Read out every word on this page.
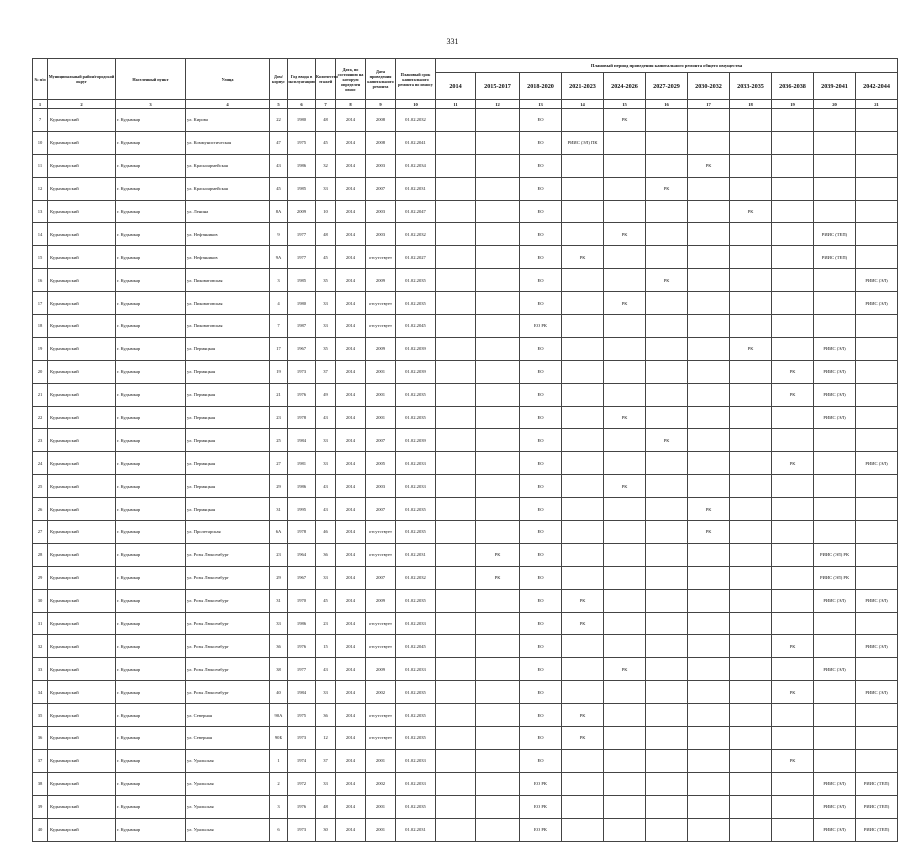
331
№ п/п	Муниципальный район/городской округ	Населенный пункт	Улица	Дом/корпус	Год ввода в эксплуатацию	Количество этажей	Дата, по состоянию на которую определен износ	Дата проведения капитального ремонта	Плановый срок капитального ремонта по износу	Плановый период проведения капитального ремонта общего имущества										
										2014	2015-2017	2018-2020	2021-2023	2024-2026	2027-2029	2030-2032	2033-2035	2036-2038	2039-2041	2042-2044
1	2	3	4	5	6	7	8	9	10	11	12	13	14	15	16	17	18	19	20	21
7	Кудымкарский	г. Кудымкар	ул. Кирова	22	1980	48	2014	2008	01.02.2032			ЕО		РК						
10	Кудымкарский	г. Кудымкар	ул. Коммунистическая	47	1975	45	2014	2008	01.02.2041			ЕО	РИИС (ЭЛ) ПК							
11	Кудымкарский	г. Кудымкар	ул. Красноармейская	43	1986	32	2014	2003	01.02.2034			ЕО				РК				
12	Кудымкарский	г. Кудымкар	ул. Красноармейская	45	1985	33	2014	2007	01.02.2031			ЕО			РК					
13	Кудымкарский	г. Кудымкар	ул. Ленина	8А	2009	10	2014	2003	01.02.2047			ЕО					РК			
14	Кудымкарский	г. Кудымкар	ул. Нефтяников	9	1977	48	2014	2003	01.02.2032			ЕО		РК					РИИС (ТЕП)	
15	Кудымкарский	г. Кудымкар	ул. Нефтяников	9А	1977	45	2014	отсутствует	01.02.2027			ЕО	РК						РИИС (ТЕП)	
16	Кудымкарский	г. Кудымкар	ул. Пиковатовская	3	1985	35	2014	2009	01.02.2035			ЕО			РК					РИИС (ЭЛ)
17	Кудымкарский	г. Кудымкар	ул. Пиковатовская	4	1980	33	2014	отсутствует	01.02.2035			ЕО		РК						РИИС (ЭЛ)
18	Кудымкарский	г. Кудымкар	ул. Пиковатовская	7	1987	33	2014	отсутствует	01.02.2045			ЕО РК								
19	Кудымкарский	г. Кудымкар	ул. Пермяцкая	17	1967	35	2014	2009	01.02.2039			ЕО					РК		РИИС (ЭЛ)	
20	Кудымкарский	г. Кудымкар	ул. Пермяцкая	19	1973	37	2014	2001	01.02.2039			ЕО						РК	РИИС (ЭЛ)	
21	Кудымкарский	г. Кудымкар	ул. Пермяцкая	21	1976	49	2014	2001	01.02.2035			ЕО						РК	РИИС (ЭЛ)	
22	Кудымкарский	г. Кудымкар	ул. Пермяцкая	23	1978	43	2014	2001	01.02.2035			ЕО		РК					РИИС (ЭЛ)	
23	Кудымкарский	г. Кудымкар	ул. Пермяцкая	25	1984	33	2014	2007	01.02.2039			ЕО			РК					
24	Кудымкарский	г. Кудымкар	ул. Пермяцкая	27	1981	33	2014	2005	01.02.2033			ЕО						РК		РИИС (ЭЛ)
25	Кудымкарский	г. Кудымкар	ул. Пермяцкая	29	1986	43	2014	2003	01.02.2033			ЕО		РК						
26	Кудымкарский	г. Кудымкар	ул. Пермяцкая	31	1995	43	2014	2007	01.02.2035			ЕО				РК				
27	Кудымкарский	г. Кудымкар	ул. Пролетарская	6А	1978	46	2014	отсутствует	01.02.2035			ЕО				РК				
28	Кудымкарский	г. Кудымкар	ул. Розы Люксембург	23	1964	36	2014	отсутствует	01.02.2031		РК	ЕО							РИИС (ЭЛ) РК	
29	Кудымкарский	г. Кудымкар	ул. Розы Люксембург	29	1967	33	2014	2007	01.02.2032		РК	ЕО							РИИС (ЭЛ) РК	
30	Кудымкарский	г. Кудымкар	ул. Розы Люксембург	31	1970	45	2014	2009	01.02.2035			ЕО	РК						РИИС (ЭЛ)	РИИС (ЭЛ)
31	Кудымкарский	г. Кудымкар	ул. Розы Люксембург	33	1986	23	2014	отсутствует	01.02.2033			ЕО	РК							
32	Кудымкарский	г. Кудымкар	ул. Розы Люксембург	36	1976	15	2014	отсутствует	01.02.2045			ЕО						РК		РИИС (ЭЛ)
33	Кудымкарский	г. Кудымкар	ул. Розы Люксембург	38	1977	43	2014	2009	01.02.2033			ЕО		РК					РИИС (ЭЛ)	
34	Кудымкарский	г. Кудымкар	ул. Розы Люксембург	40	1984	33	2014	2002	01.02.2035			ЕО						РК		РИИС (ЭЛ)
35	Кудымкарский	г. Кудымкар	ул. Северная	90А	1975	36	2014	отсутствует	01.02.2035			ЕО	РК							
36	Кудымкарский	г. Кудымкар	ул. Северная	90Б	1973	12	2014	отсутствует	01.02.2035			ЕО	РК							
37	Кудымкарский	г. Кудымкар	ул. Уральская	1	1974	37	2014	2001	01.02.2033			ЕО						РК		
38	Кудымкарский	г. Кудымкар	ул. Уральская	2	1972	33	2014	2002	01.02.2033			ЕО РК							РИИС (ЭЛ)	РИИС (ТЕП)
39	Кудымкарский	г. Кудымкар	ул. Уральская	3	1976	48	2014	2001	01.02.2035			ЕО РК							РИИС (ЭЛ)	РИИС (ТЕП)
40	Кудымкарский	г. Кудымкар	ул. Уральская	6	1973	30	2014	2001	01.02.2031			ЕО РК							РИИС (ЭЛ)	РИИС (ТЕП)
